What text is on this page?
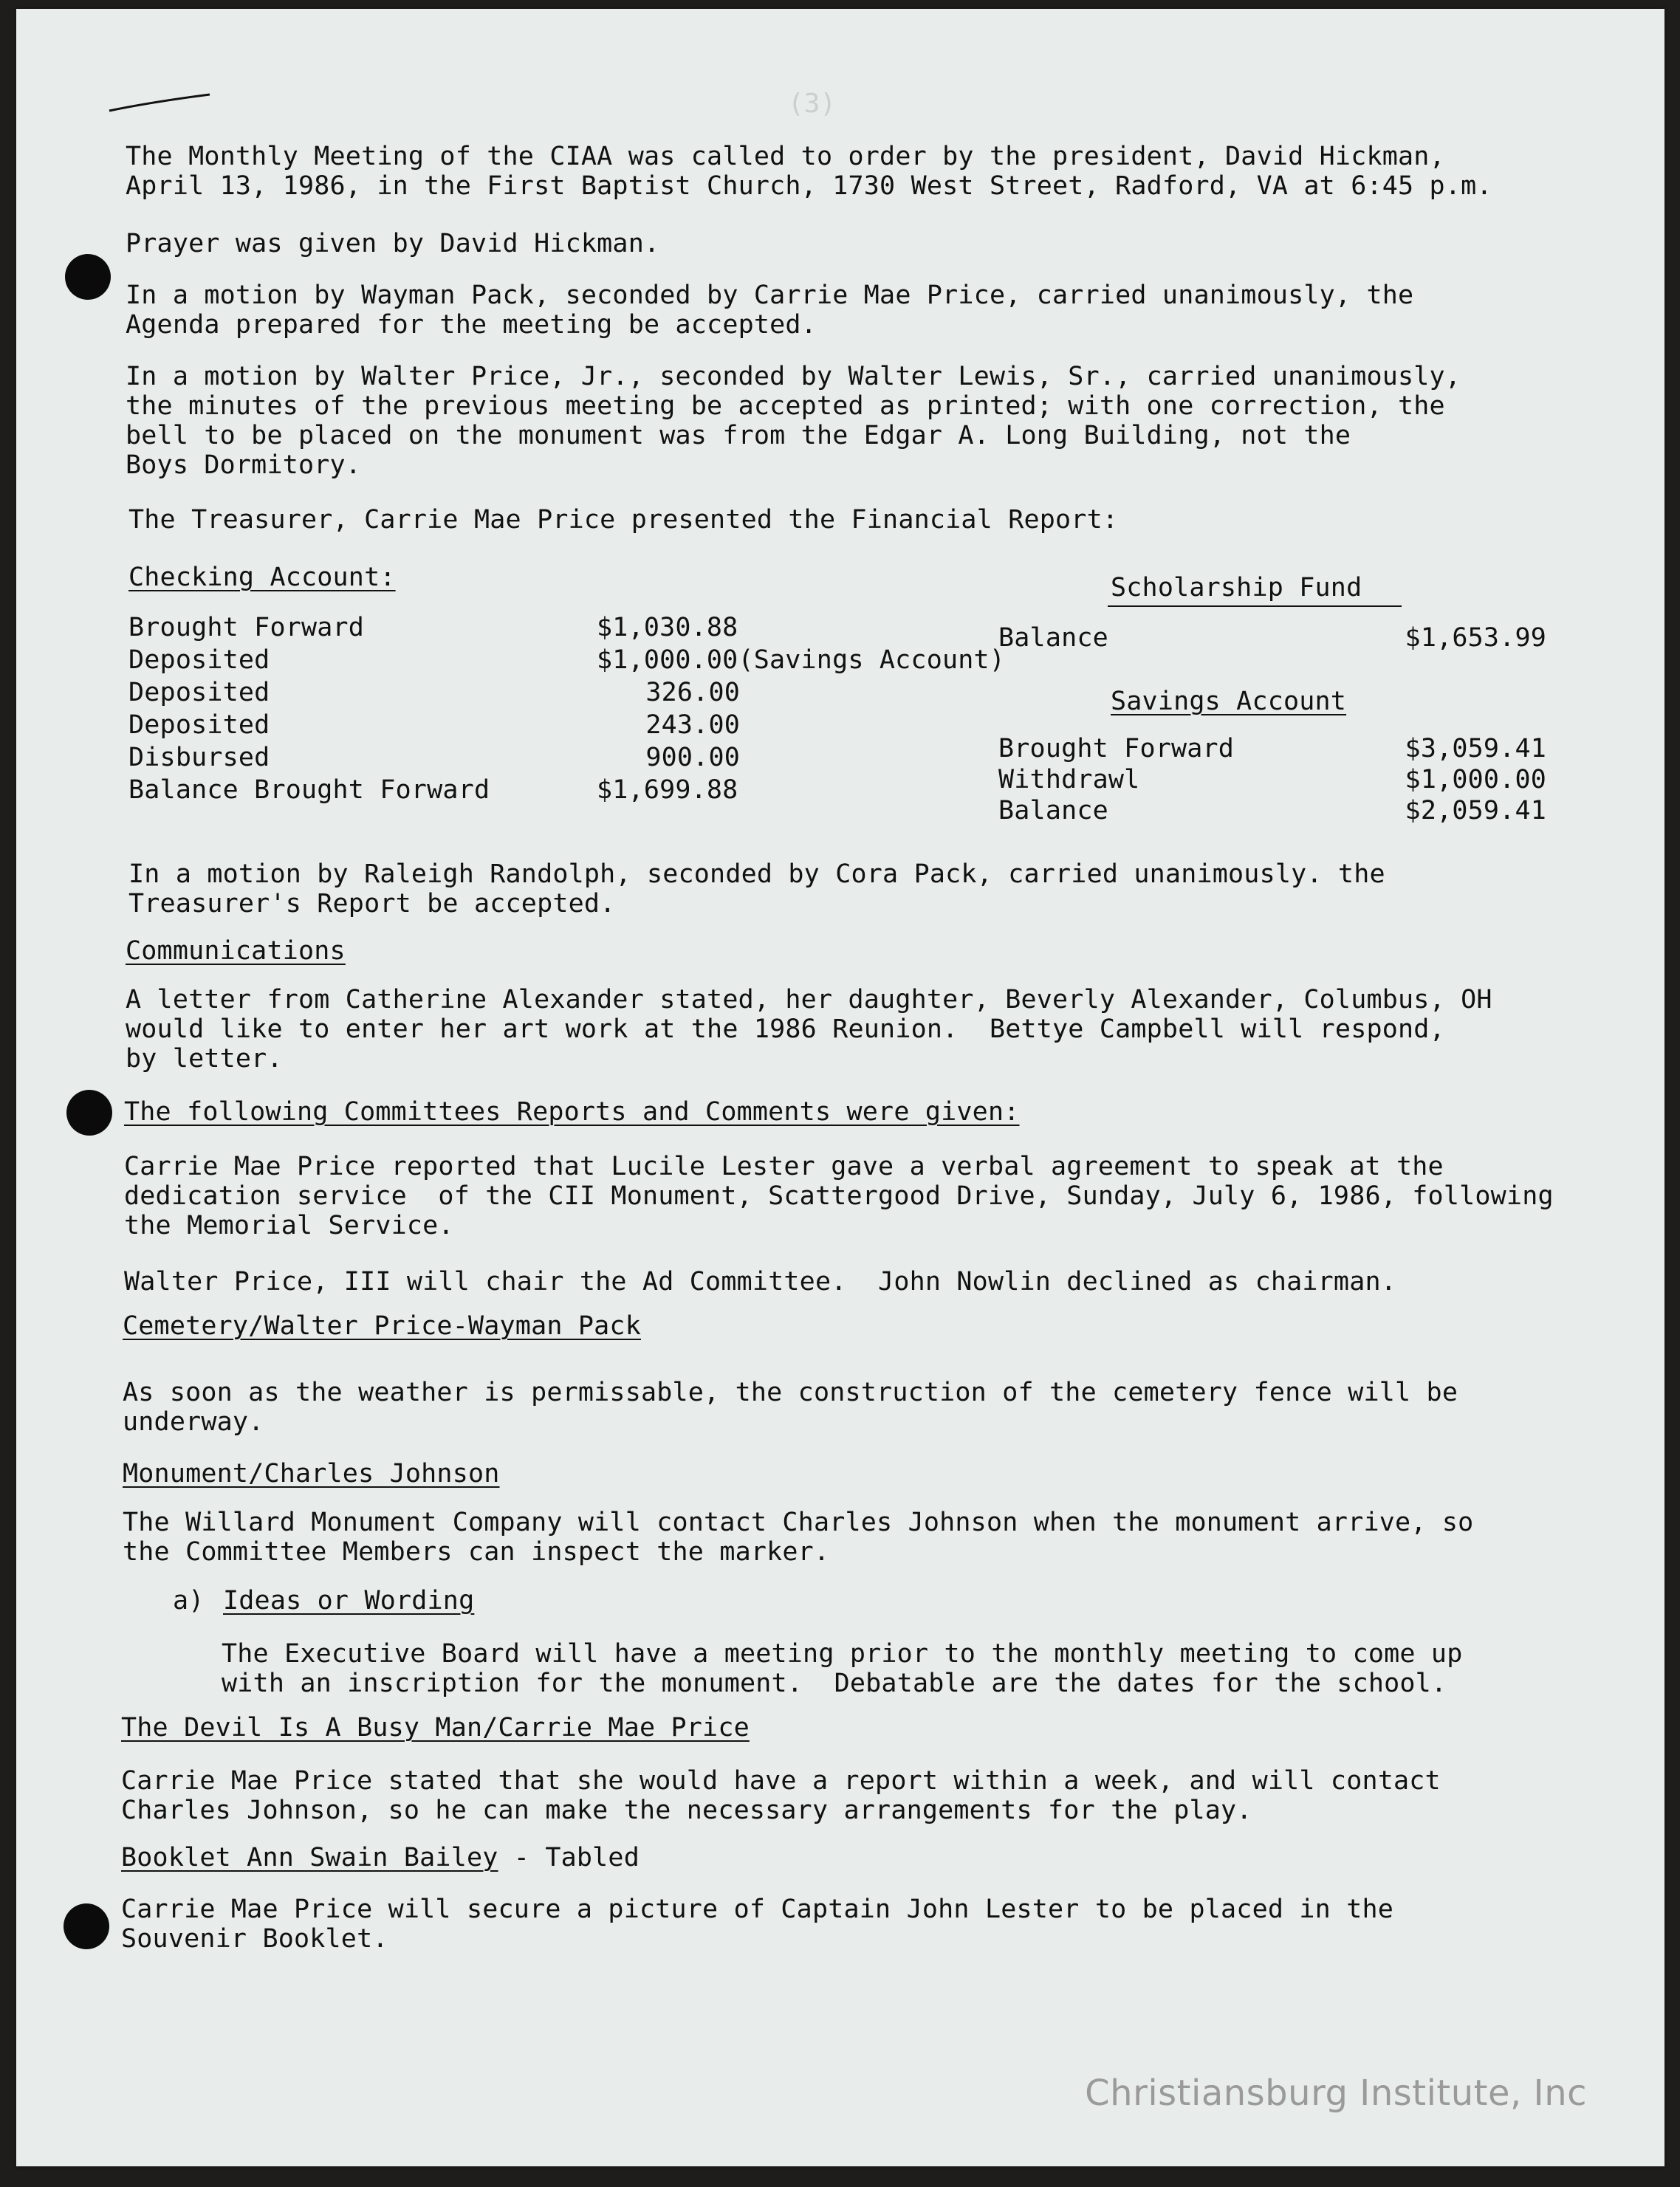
(3)

The Monthly Meeting of the CIAA was called to order by the president, David Hickman,

April 13, 1986, in the First Baptist Church, 1730 West Street, Radford, VA at 6:45 p.m.

Prayer was given by David Hickman.

In a motion by Wayman Pack, seconded by Carrie Mae Price, carried unanimously, the

Agenda prepared for the meeting be accepted.

In a motion by Walter Price, Jr., seconded by Walter Lewis, Sr., carried unanimously,

the minutes of the previous meeting be accepted as printed; with one correction, the

bell to be placed on the monument was from the Edgar A. Long Building, not the

Boys Dormitory.

The Treasurer, Carrie Mae Price presented the Financial Report:

Checking Account:

Brought Forward	$1,030.88

Deposited	$1,000.00(Savings Account)

Deposited	326.00

Deposited	243.00

Disbursed	900.00

Balance Brought Forward	$1,699.88

Scholarship Fund

Balance	$1,653.99

Savings Account

Brought Forward	$3,059.41

Withdrawl	$1,000.00

Balance	$2,059.41

In a motion by Raleigh Randolph, seconded by Cora Pack, carried unanimously. the

Treasurer's Report be accepted.

Communications

A letter from Catherine Alexander stated, her daughter, Beverly Alexander, Columbus, OH

would like to enter her art work at the 1986 Reunion.  Bettye Campbell will respond,

by letter.

The following Committees Reports and Comments were given:

Carrie Mae Price reported that Lucile Lester gave a verbal agreement to speak at the

dedication service  of the CII Monument, Scattergood Drive, Sunday, July 6, 1986, following

the Memorial Service.

Walter Price, III will chair the Ad Committee.  John Nowlin declined as chairman.

Cemetery/Walter Price-Wayman Pack

As soon as the weather is permissable, the construction of the cemetery fence will be

underway.

Monument/Charles Johnson

The Willard Monument Company will contact Charles Johnson when the monument arrive, so

the Committee Members can inspect the marker.

a) Ideas or Wording

The Executive Board will have a meeting prior to the monthly meeting to come up

with an inscription for the monument.  Debatable are the dates for the school.

The Devil Is A Busy Man/Carrie Mae Price

Carrie Mae Price stated that she would have a report within a week, and will contact

Charles Johnson, so he can make the necessary arrangements for the play.

Booklet Ann Swain Bailey - Tabled

Carrie Mae Price will secure a picture of Captain John Lester to be placed in the

Souvenir Booklet.

Christiansburg Institute, Inc
